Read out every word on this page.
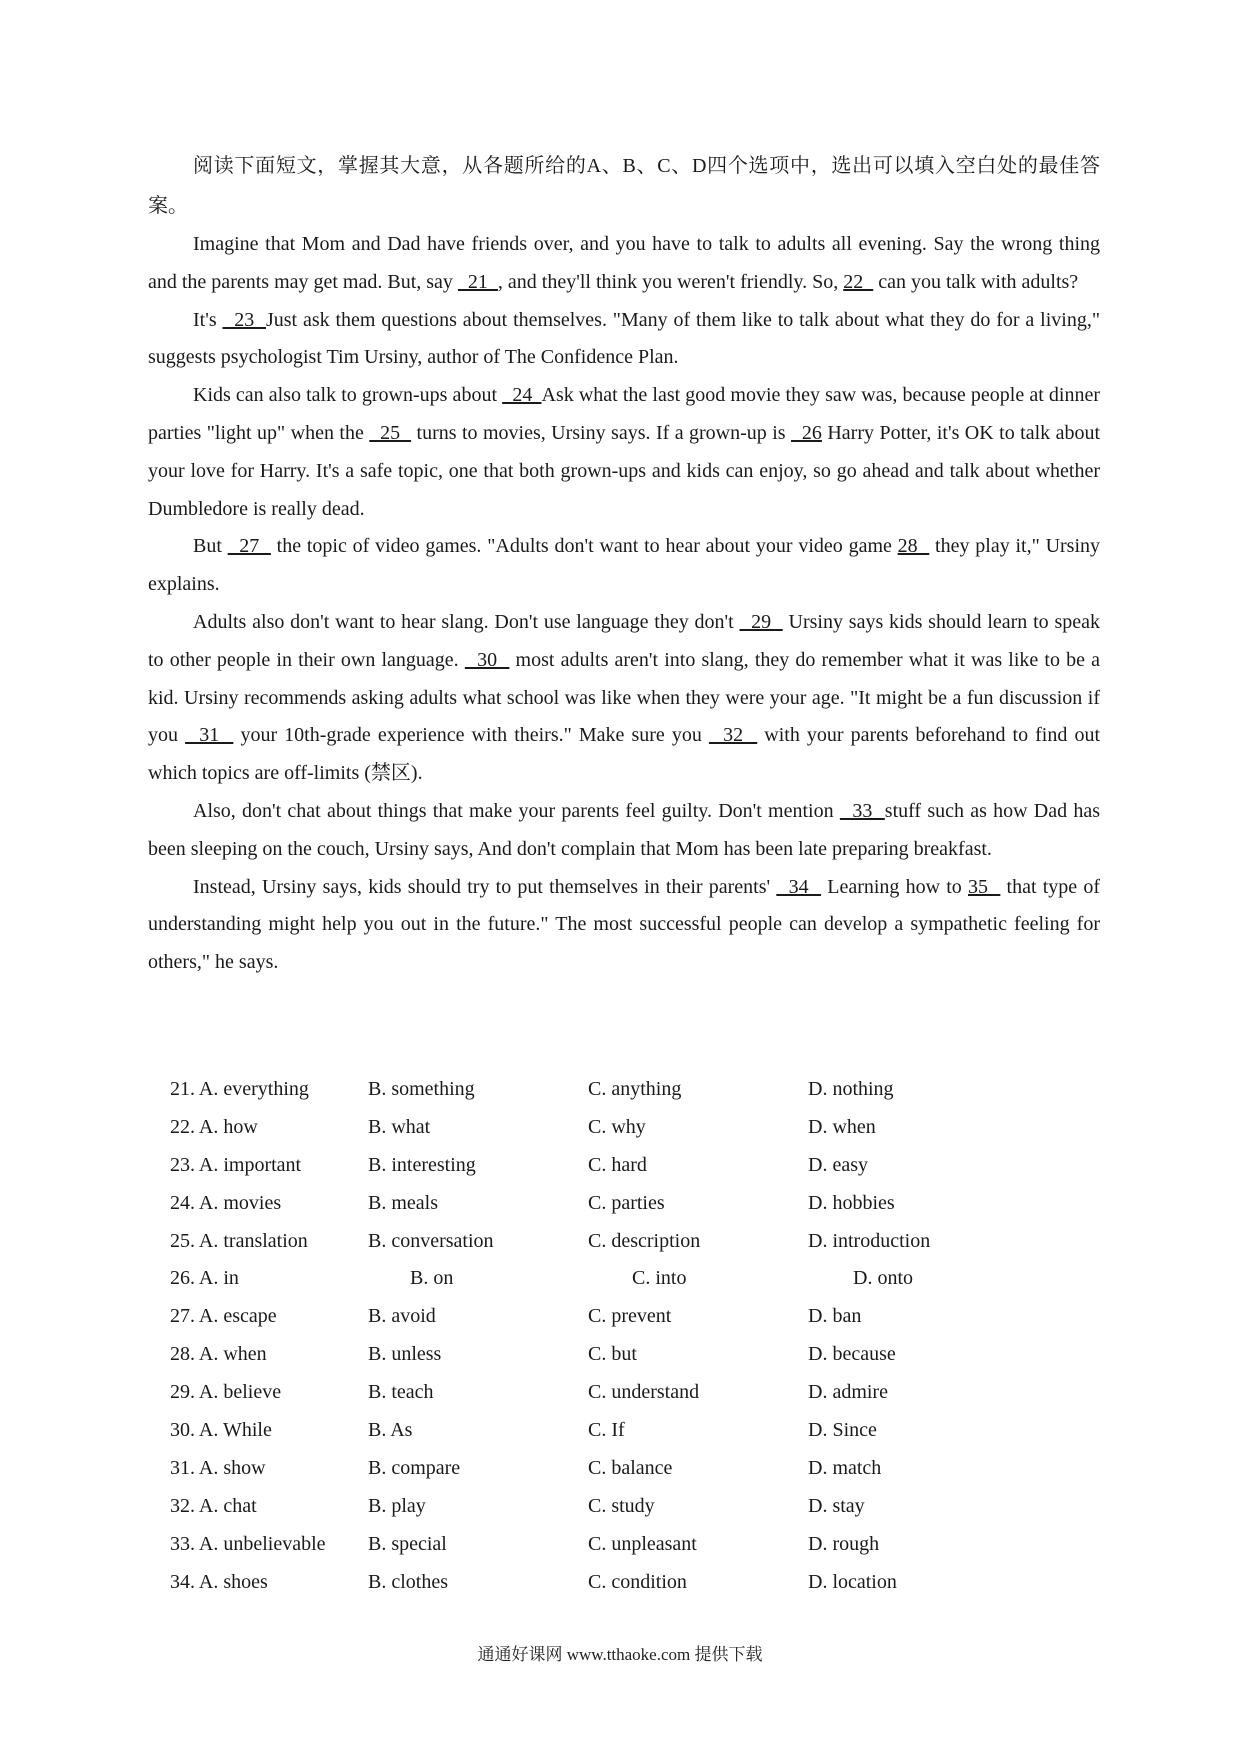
阅读下面短文，掌握其大意，从各题所给的A、B、C、D四个选项中，选出可以填入空白处的最佳答案。

Imagine that Mom and Dad have friends over, and you have to talk to adults all evening. Say the wrong thing and the parents may get mad. But, say   21  , and they'll think you weren't friendly. So, 22   can you talk with adults?

It's   23  Just ask them questions about themselves. "Many of them like to talk about what they do for a living," suggests psychologist Tim Ursiny, author of The Confidence Plan.

Kids can also talk to grown-ups about   24  Ask what the last good movie they saw was, because people at dinner parties "light up" when the   25   turns to movies, Ursiny says. If a grown-up is   26 Harry Potter, it's OK to talk about your love for Harry. It's a safe topic, one that both grown-ups and kids can enjoy, so go ahead and talk about whether Dumbledore is really dead.

But   27   the topic of video games. "Adults don't want to hear about your video game 28   they play it," Ursiny explains.

Adults also don't want to hear slang. Don't use language they don't   29   Ursiny says kids should learn to speak to other people in their own language.   30   most adults aren't into slang, they do remember what it was like to be a kid. Ursiny recommends asking adults what school was like when they were your age. "It might be a fun discussion if you   31   your 10th-grade experience with theirs." Make sure you   32   with your parents beforehand to find out which topics are off-limits (禁区).

Also, don't chat about things that make your parents feel guilty. Don't mention   33  stuff such as how Dad has been sleeping on the couch, Ursiny says, And don't complain that Mom has been late preparing breakfast.

Instead, Ursiny says, kids should try to put themselves in their parents'   34   Learning how to 35   that type of understanding might help you out in the future." The most successful people can develop a sympathetic feeling for others," he says.

21. A. everything	B. something	C. anything	D. nothing
22. A. how	B. what	C. why	D. when
23. A. important	B. interesting	C. hard	D. easy
24. A. movies	B. meals	C. parties	D. hobbies
25. A. translation	B. conversation	C. description	D. introduction
26. A. in	B. on	C. into	D. onto
27. A. escape	B. avoid	C. prevent	D. ban
28. A. when	B. unless	C. but	D. because
29. A. believe	B. teach	C. understand	D. admire
30. A. While	B. As	C. If	D. Since
31. A. show	B. compare	C. balance	D. match
32. A. chat	B. play	C. study	D. stay
33. A. unbelievable B. special	C. unpleasant	D. rough
34. A. shoes	B. clothes	C. condition	D. location
通通好课网 www.tthaoke.com 提供下载
